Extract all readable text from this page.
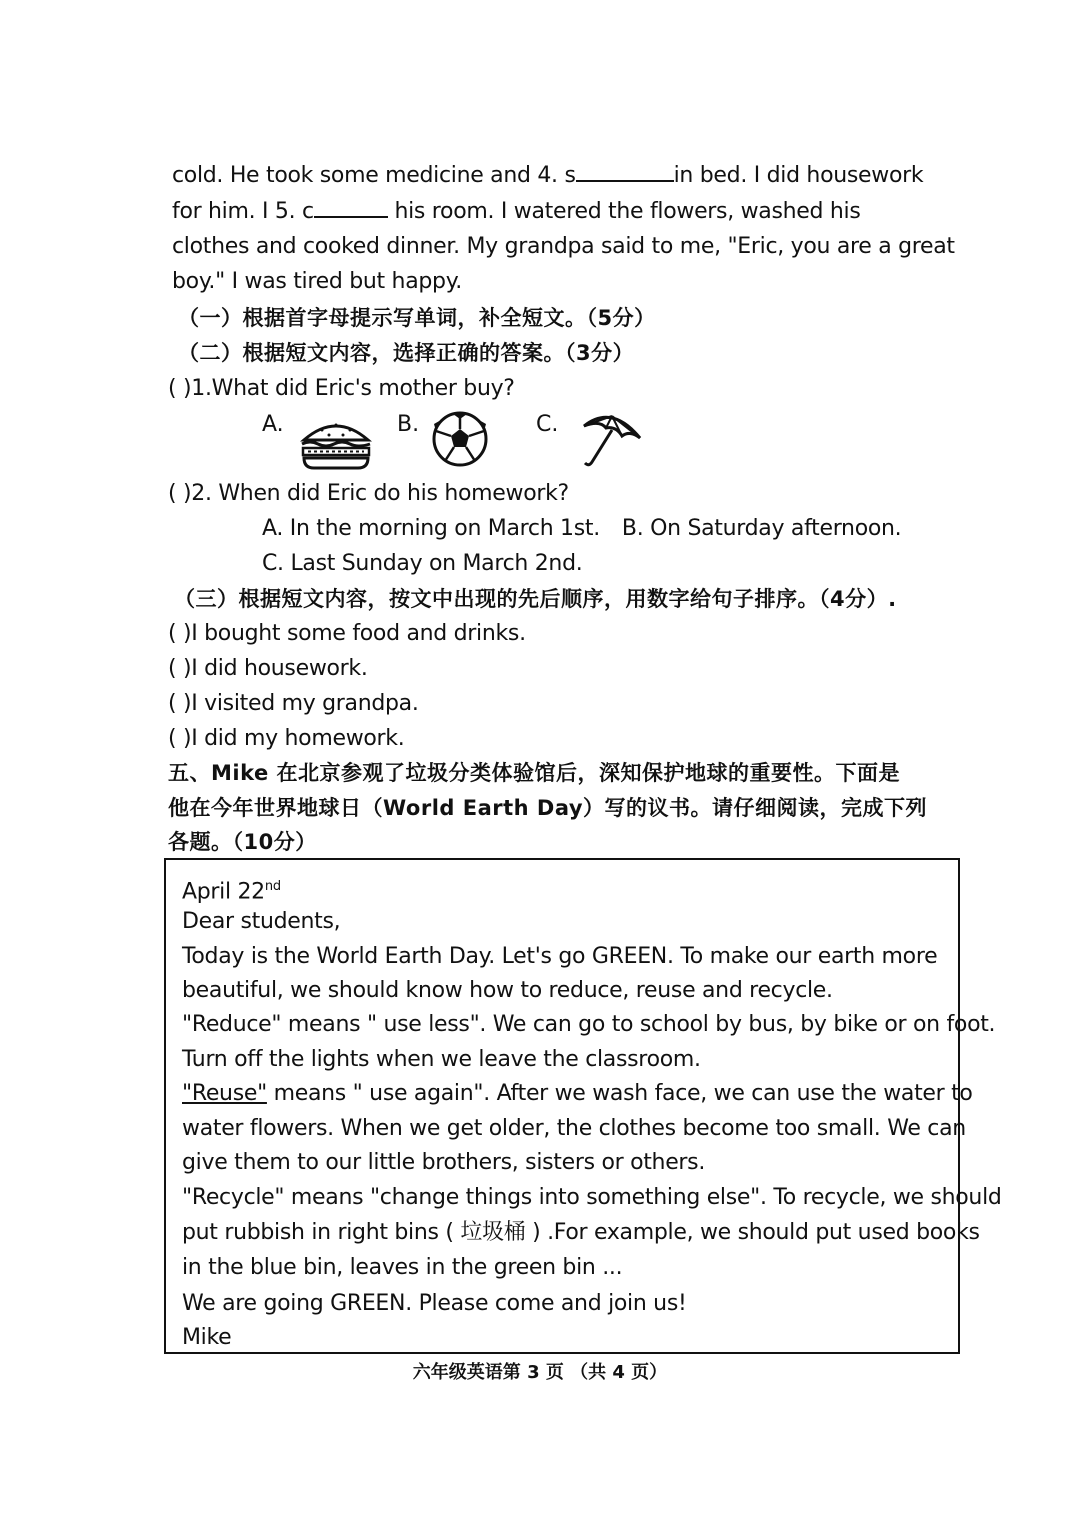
cold. He took some medicine and 4. s	in bed. I did housework
for him. I 5. c	his room. I watered the flowers, washed his
clothes and cooked dinner. My grandpa said to me, "Eric, you are a great
boy." I was tired but happy.
（一）根据首字母提示写单词，补全短文。（5分）
（二）根据短文内容，选择正确的答案。（3分）
( )1.What did Eric's mother buy?
A.	B.	C.
( )2. When did Eric do his homework?
A. In the morning on March 1st. B. On Saturday afternoon.
C. Last Sunday on March 2nd.
（三）根据短文内容，按文中出现的先后顺序，用数字给句子排序。（4分）.
( )I bought some food and drinks.
( )I did housework.
( )I visited my grandpa.
( )I did my homework.
五、Mike 在北京参观了垃圾分类体验馆后，深知保护地球的重要性。下面是
他在今年世界地球日（World Earth Day）写的议书。请仔细阅读，完成下列
各题。（10分）
April 22nd
Dear students,
Today is the World Earth Day. Let's go GREEN. To make our earth more
beautiful, we should know how to reduce, reuse and recycle.
"Reduce" means " use less". We can go to school by bus, by bike or on foot.
Turn off the lights when we leave the classroom.
"Reuse" means " use again". After we wash face, we can use the water to
water flowers. When we get older, the clothes become too small. We can
give them to our little brothers, sisters or others.
"Recycle" means "change things into something else". To recycle, we should
put rubbish in right bins ( 垃圾桶 ) .For example, we should put used books
in the blue bin, leaves in the green bin ...
We are going GREEN. Please come and join us!
Mike
六年级英语第 3 页 （共 4 页）
